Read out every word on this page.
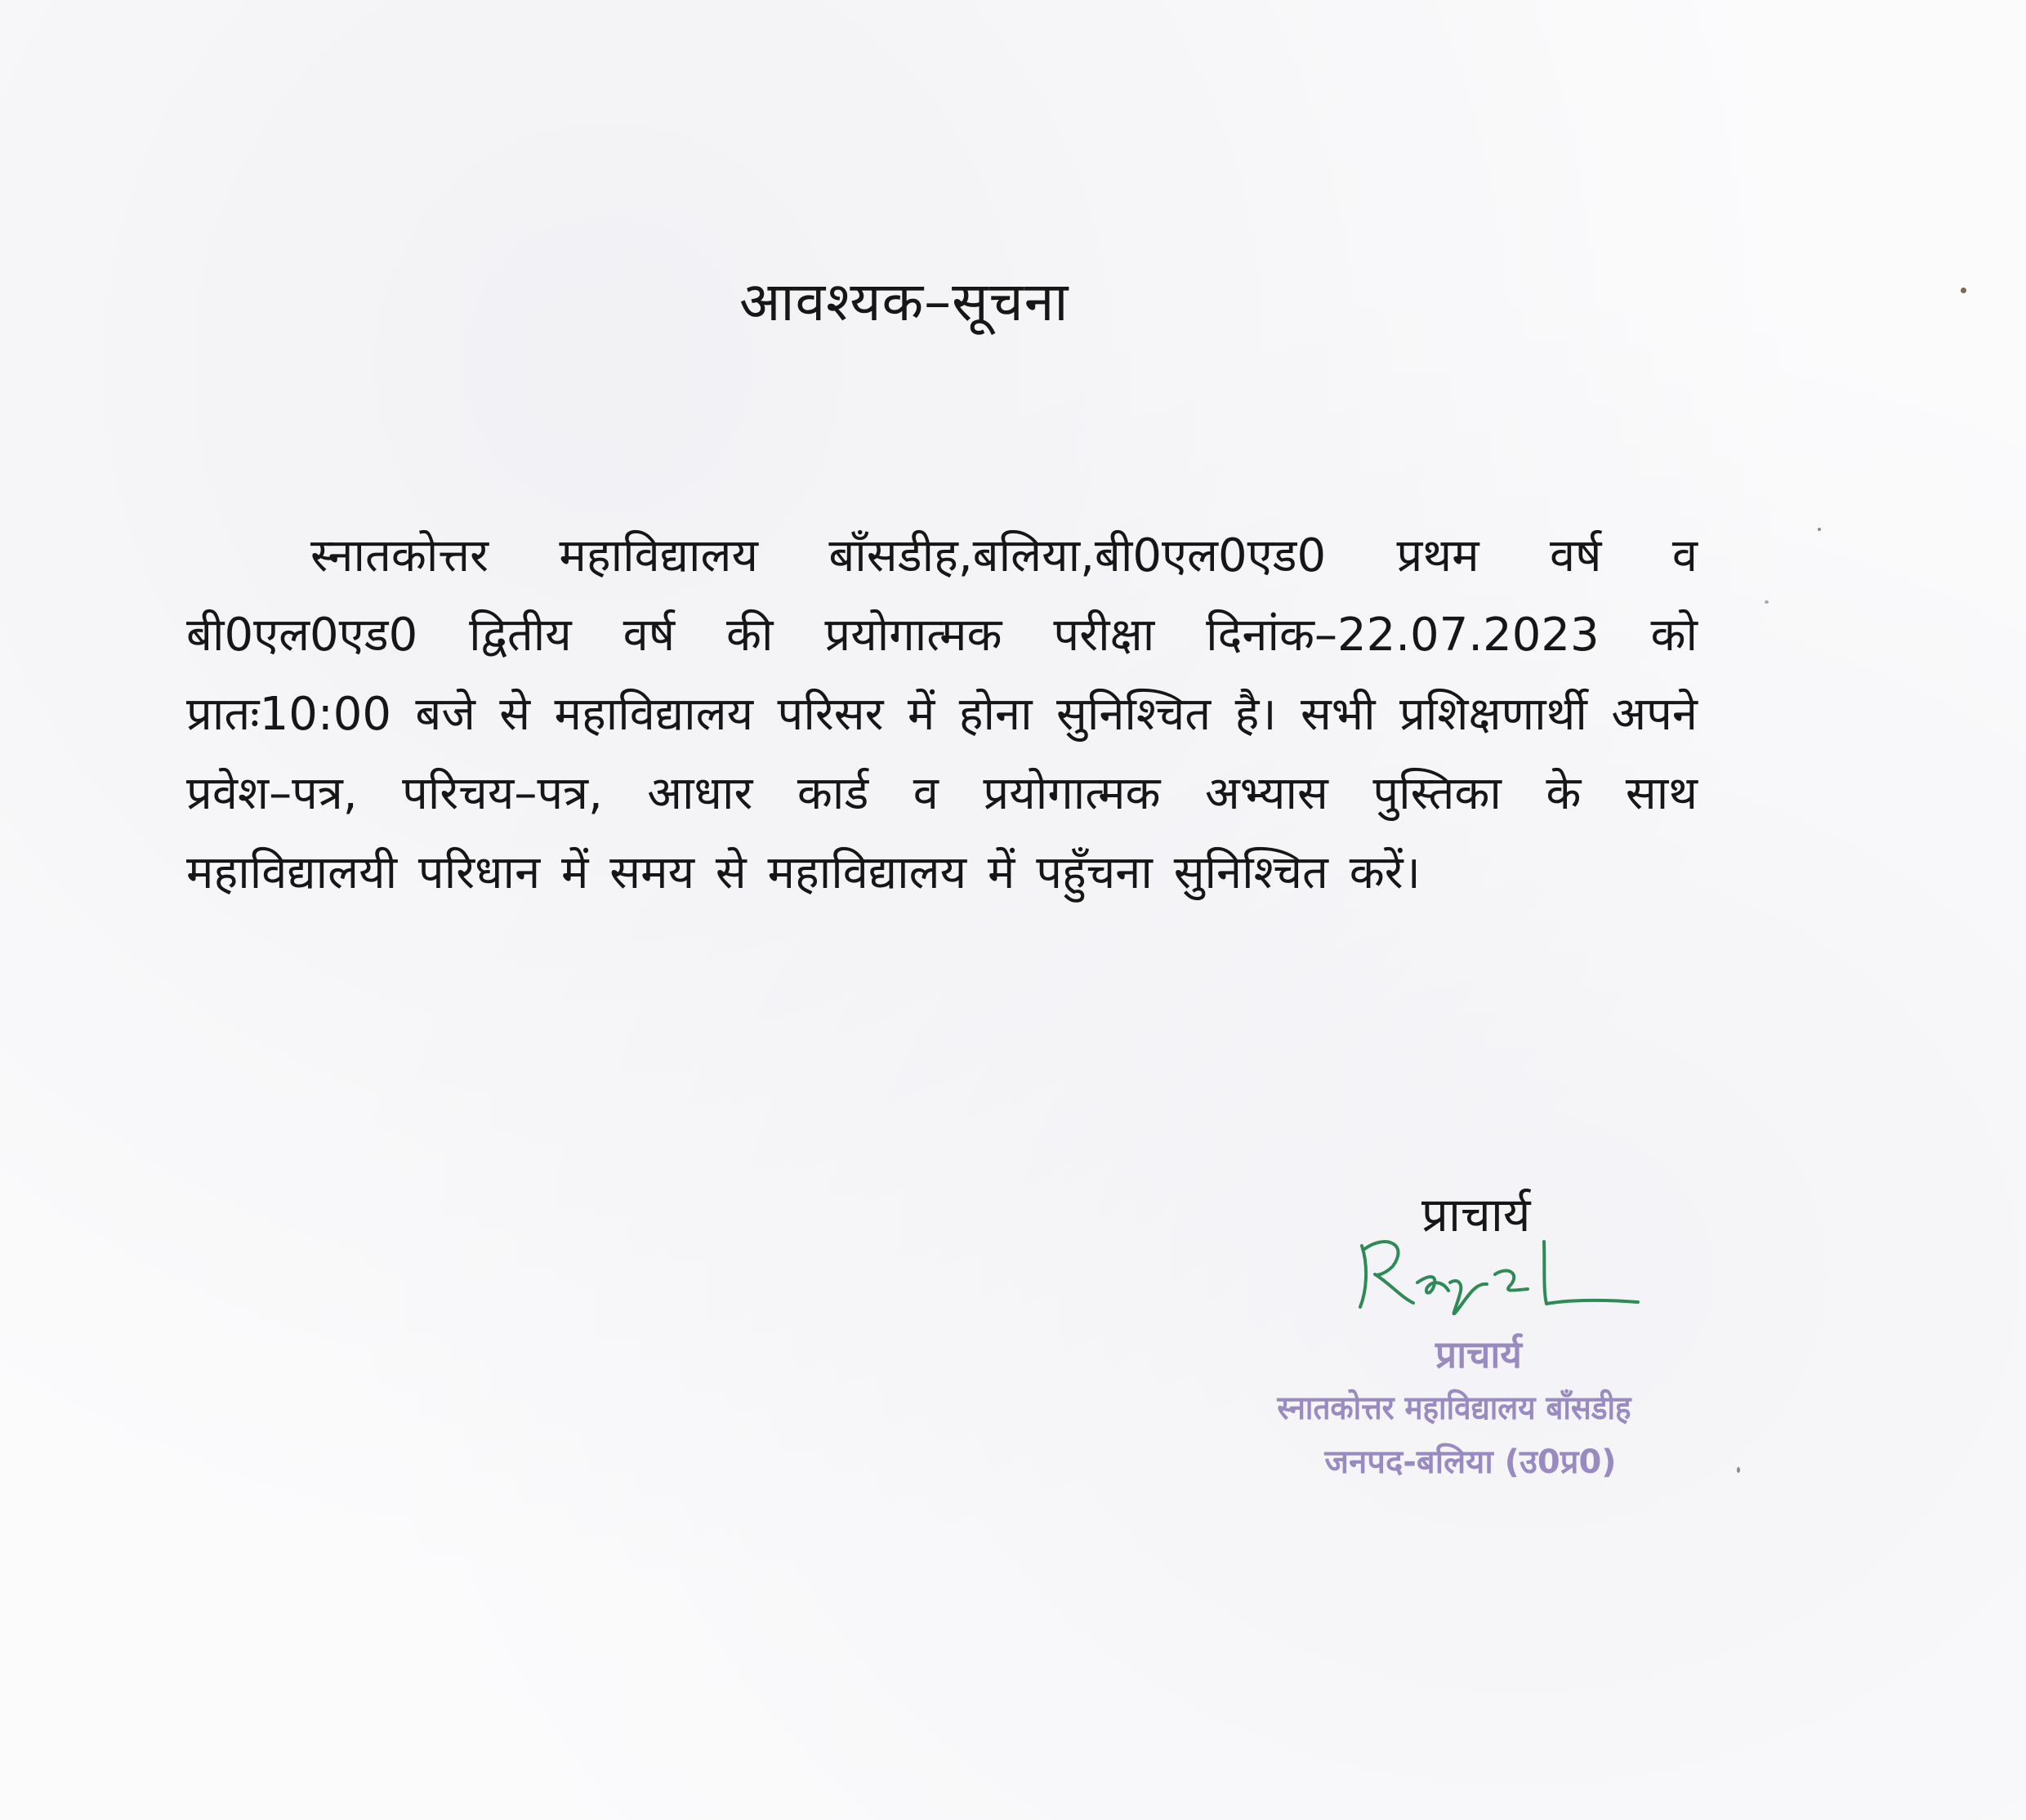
आवश्यक–सूचना
स्नातकोत्तर महाविद्यालय बाँसडीह,बलिया,बी0एल0एड0 प्रथम वर्ष व बी0एल0एड0 द्वितीय वर्ष की प्रयोगात्मक परीक्षा दिनांक–22.07.2023 को प्रातः10:00 बजे से महाविद्यालय परिसर में होना सुनिश्चित है। सभी प्रशिक्षणार्थी अपने प्रवेश–पत्र, परिचय–पत्र, आधार कार्ड व प्रयोगात्मक अभ्यास पुस्तिका के साथ महाविद्यालयी परिधान में समय से महाविद्यालय में पहुँचना सुनिश्चित करें।
प्राचार्य
प्राचार्य
स्नातकोत्तर महाविद्यालय बाँसडीह
जनपद-बलिया (उ0प्र0)
